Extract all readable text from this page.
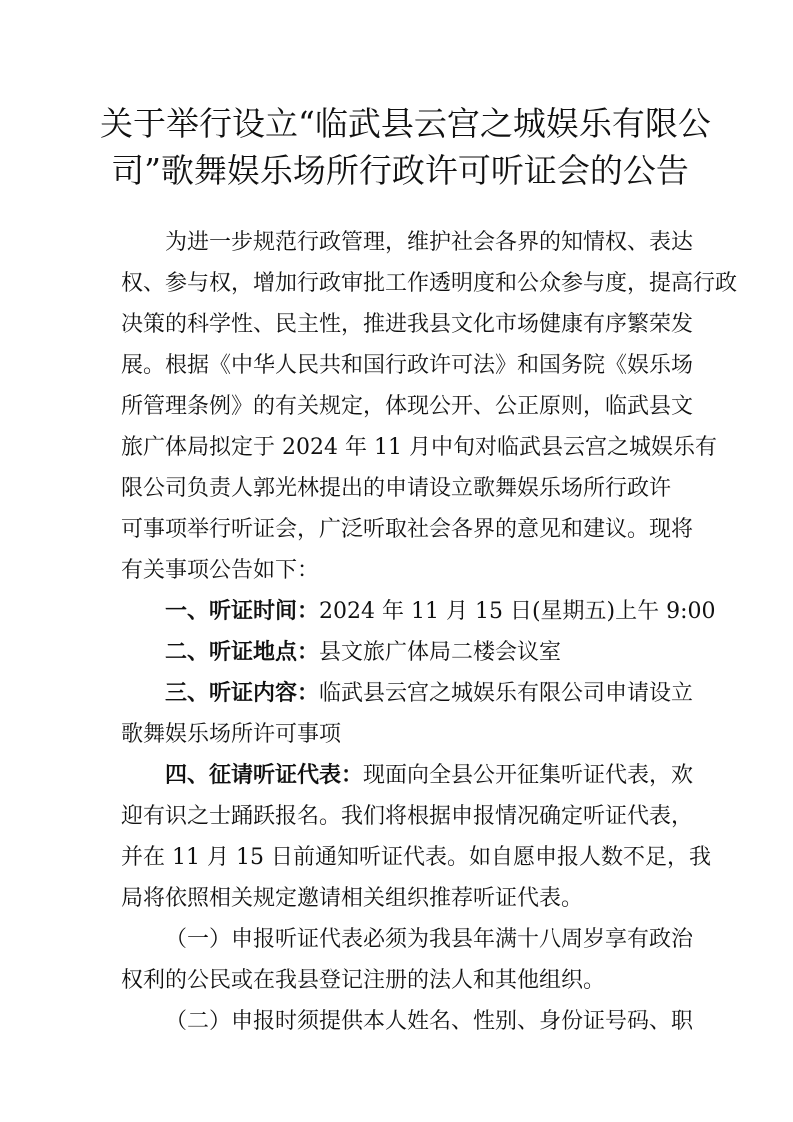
关于举行设立“临武县云宫之城娱乐有限公
司”歌舞娱乐场所行政许可听证会的公告

为进一步规范行政管理，维护社会各界的知情权、表达

权、参与权，增加行政审批工作透明度和公众参与度，提高行政
决策的科学性、民主性，推进我县文化市场健康有序繁荣发
展。根据《中华人民共和国行政许可法》和国务院《娱乐场
所管理条例》的有关规定，体现公开、公正原则，临武县文
旅广体局拟定于 2024 年 11 月中旬对临武县云宫之城娱乐有
限公司负责人郭光林提出的申请设立歌舞娱乐场所行政许
可事项举行听证会，广泛听取社会各界的意见和建议。现将
有关事项公告如下：

一、听证时间：2024 年 11 月 15 日(星期五)上午 9:00

二、听证地点：县文旅广体局二楼会议室

三、听证内容：临武县云宫之城娱乐有限公司申请设立

歌舞娱乐场所许可事项

四、征请听证代表：现面向全县公开征集听证代表，欢

迎有识之士踊跃报名。我们将根据申报情况确定听证代表，
并在 11 月 15 日前通知听证代表。如自愿申报人数不足，我
局将依照相关规定邀请相关组织推荐听证代表。

（一）申报听证代表必须为我县年满十八周岁享有政治

权利的公民或在我县登记注册的法人和其他组织。

（二）申报时须提供本人姓名、性别、身份证号码、职
